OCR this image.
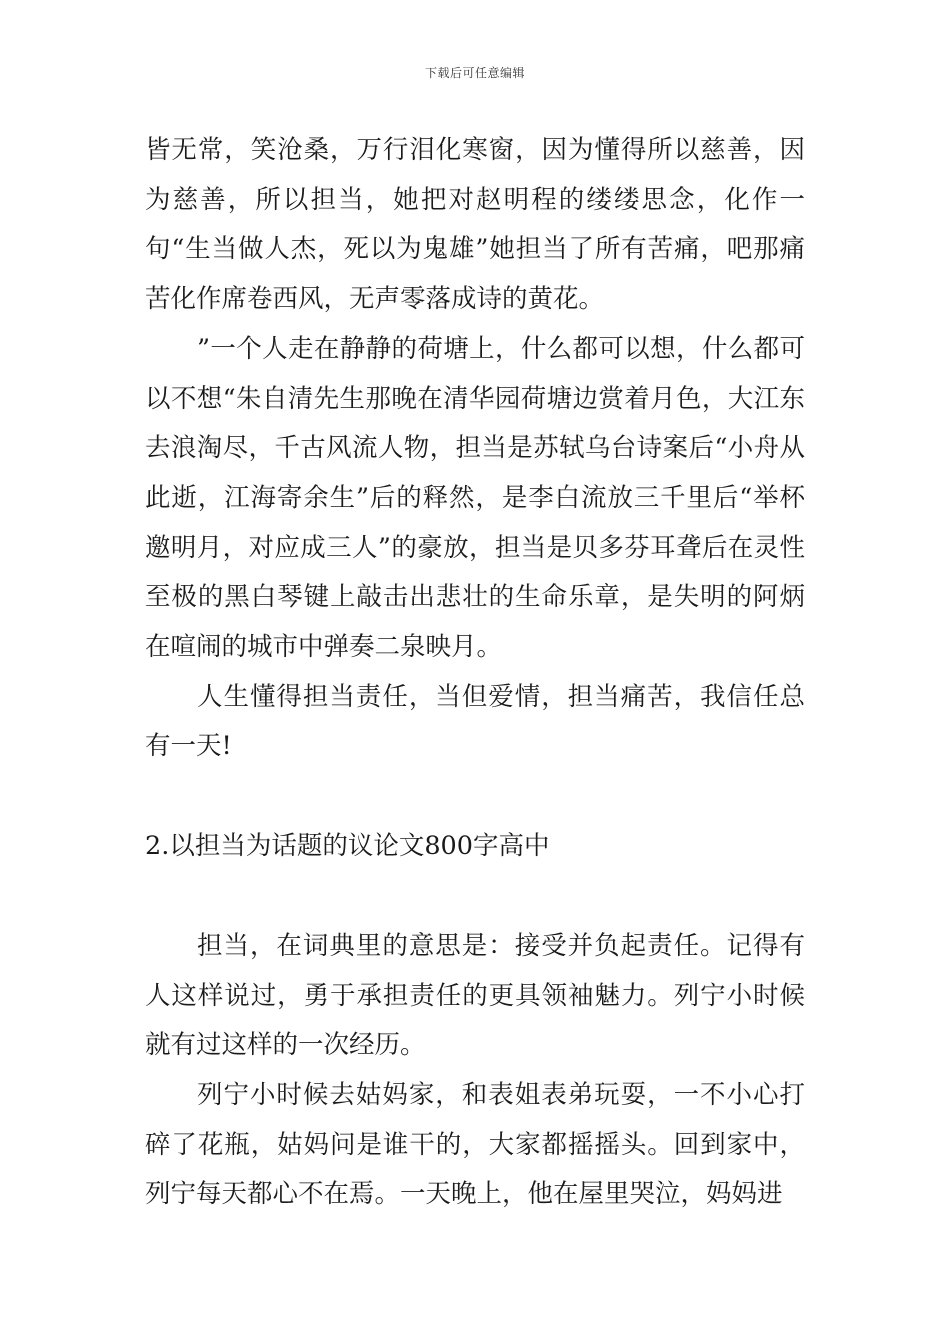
下载后可任意编辑

皆无常，笑沧桑，万行泪化寒窗，因为懂得所以慈善，因为慈善，所以担当，她把对赵明程的缕缕思念，化作一句“生当做人杰，死以为鬼雄”她担当了所有苦痛，吧那痛苦化作席卷西风，无声零落成诗的黄花。

”一个人走在静静的荷塘上，什么都可以想，什么都可以不想“朱自清先生那晚在清华园荷塘边赏着月色，大江东去浪淘尽，千古风流人物，担当是苏轼乌台诗案后“小舟从此逝，江海寄余生”后的释然，是李白流放三千里后“举杯邀明月，对应成三人”的豪放，担当是贝多芬耳聋后在灵性至极的黑白琴键上敲击出悲壮的生命乐章，是失明的阿炳在喧闹的城市中弹奏二泉映月。

人生懂得担当责任，当但爱情，担当痛苦，我信任总有一天!

2.以担当为话题的议论文800字高中

担当，在词典里的意思是：接受并负起责任。记得有人这样说过，勇于承担责任的更具领袖魅力。列宁小时候就有过这样的一次经历。

列宁小时候去姑妈家，和表姐表弟玩耍，一不小心打碎了花瓶，姑妈问是谁干的，大家都摇摇头。回到家中，列宁每天都心不在焉。一天晚上，他在屋里哭泣，妈妈进
